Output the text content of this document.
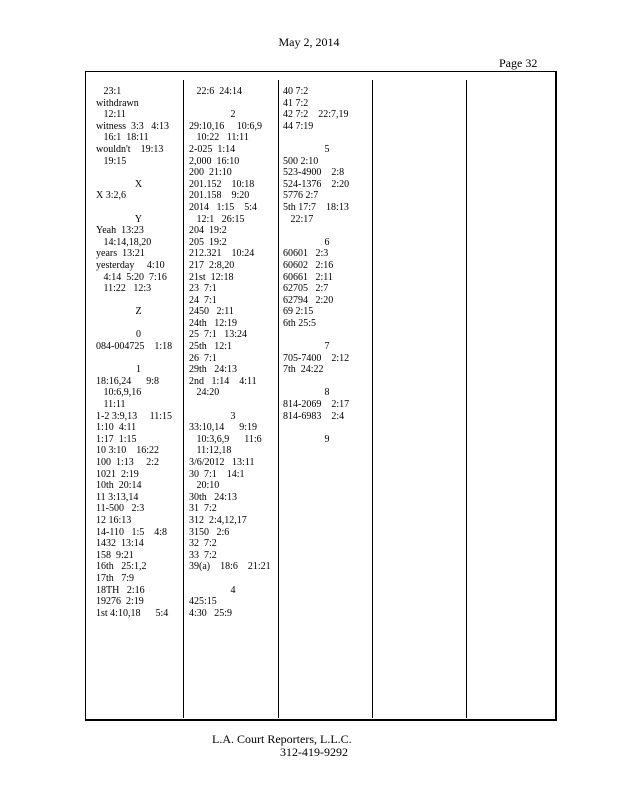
May 2, 2014
Page 32
23:1
withdrawn
12:11
witness  3:3   4:13
16:1  18:11
wouldn't    19:13
19:15
X
X 3:2,6
Y
Yeah  13:23
14:14,18,20
years  13:21
yesterday     4:10
4:14  5:20  7:16
11:22   12:3
Z
0
084-004725    1:18
1
18:16,24      9:8
10:6,9,16
11:11
1-2 3:9,13     11:15
1:10  4:11
1:17  1:15
10 3:10    16:22
100  1:13     2:2
1021  2:19
10th  20:14
11 3:13,14
11-500   2:3
12 16:13
14-110   1:5    4:8
1432  13:14
158  9:21
16th   25:1,2
17th   7:9
18TH   2:16
19276  2:19
1st 4:10,18      5:4
22:6  24:14
2
29:10,16     10:6,9
10:22   11:11
2-025  1:14
2,000  16:10
200  21:10
201.152    10:18
201.158    9:20
2014   1:15    5:4
12:1   26:15
204  19:2
205  19:2
212.321    10:24
217  2:8,20
21st  12:18
23  7:1
24  7:1
2450   2:11
24th   12:19
25  7:1   13:24
25th   12:1
26  7:1
29th   24:13
2nd   1:14    4:11
24:20
3
33:10,14      9:19
10:3,6,9      11:6
11:12,18
3/6/2012   13:11
30  7:1    14:1
20:10
30th   24:13
31  7:2
312  2:4,12,17
3150   2:6
32  7:2
33  7:2
39(a)    18:6    21:21
4
425:15
4:30   25:9
40 7:2
41 7:2
42 7:2    22:7,19
44 7:19
5
500 2:10
523-4900    2:8
524-1376    2:20
5776 2:7
5th 17:7    18:13
22:17
6
60601   2:3
60602   2:16
60661   2:11
62705   2:7
62794   2:20
69 2:15
6th 25:5
7
705-7400    2:12
7th  24:22
8
814-2069    2:17
814-6983    2:4
9
L.A. Court Reporters, L.L.C.
312-419-9292
